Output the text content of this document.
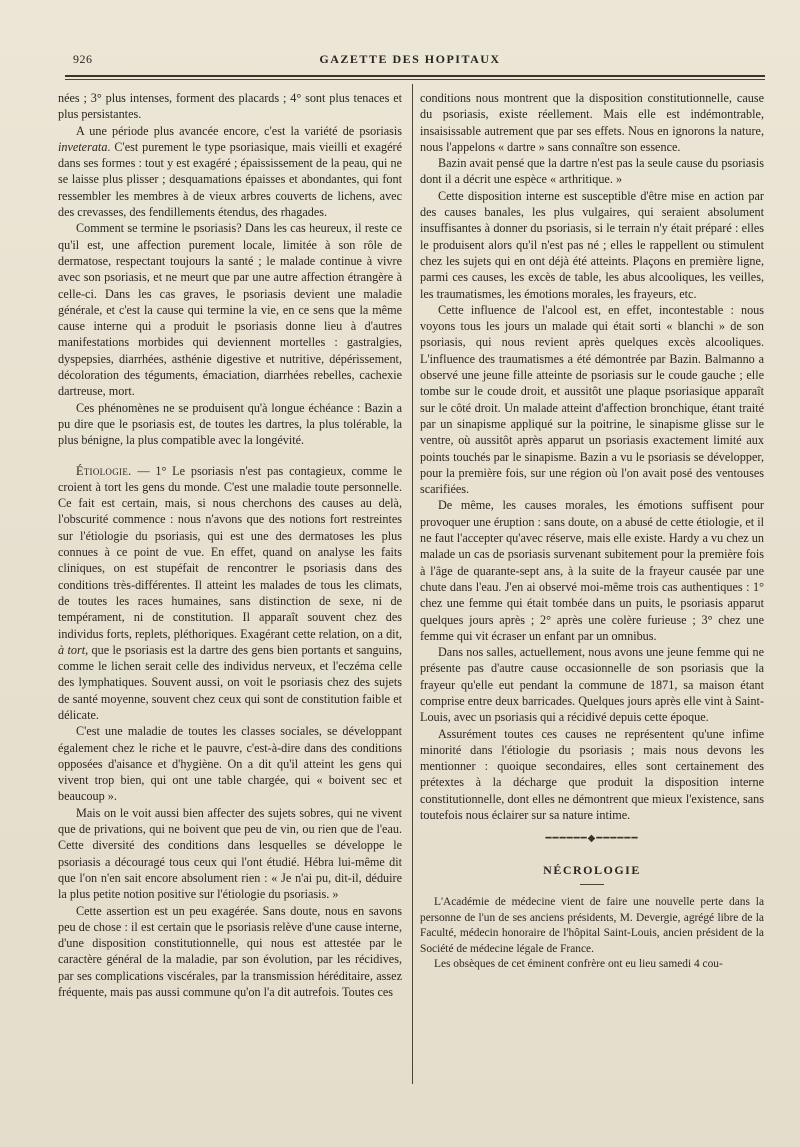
926	GAZETTE DES HOPITAUX

nées ; 3° plus intenses, forment des placards ; 4° sont plus tenaces et plus persistantes.

A une période plus avancée encore, c'est la variété de psoriasis inveterata. C'est purement le type psoriasique, mais vieilli et exagéré dans ses formes : tout y est exagéré ; épaississement de la peau, qui ne se laisse plus plisser ; desquamations épaisses et abondantes, qui font ressembler les membres à de vieux arbres couverts de lichens, avec des crevasses, des fendillements étendus, des rhagades.

Comment se termine le psoriasis? Dans les cas heureux, il reste ce qu'il est, une affection purement locale, limitée à son rôle de dermatose, respectant toujours la santé ; le malade continue à vivre avec son psoriasis, et ne meurt que par une autre affection étrangère à celle-ci. Dans les cas graves, le psoriasis devient une maladie générale, et c'est la cause qui termine la vie, en ce sens que la même cause interne qui a produit le psoriasis donne lieu à d'autres manifestations morbides qui deviennent mortelles : gastralgies, dyspepsies, diarrhées, asthénie digestive et nutritive, dépérissement, décoloration des téguments, émaciation, diarrhées rebelles, cachexie dartreuse, mort.

Ces phénomènes ne se produisent qu'à longue échéance : Bazin a pu dire que le psoriasis est, de toutes les dartres, la plus tolérable, la plus bénigne, la plus compatible avec la longévité.

Étiologie. — 1° Le psoriasis n'est pas contagieux, comme le croient à tort les gens du monde. C'est une maladie toute personnelle. Ce fait est certain, mais, si nous cherchons des causes au delà, l'obscurité commence : nous n'avons que des notions fort restreintes sur l'étiologie du psoriasis, qui est une des dermatoses les plus connues à ce point de vue. En effet, quand on analyse les faits cliniques, on est stupéfait de rencontrer le psoriasis dans des conditions très-différentes. Il atteint les malades de tous les climats, de toutes les races humaines, sans distinction de sexe, ni de tempérament, ni de constitution. Il apparaît souvent chez des individus forts, replets, pléthoriques. Exagérant cette relation, on a dit, à tort, que le psoriasis est la dartre des gens bien portants et sanguins, comme le lichen serait celle des individus nerveux, et l'eczéma celle des lymphatiques. Souvent aussi, on voit le psoriasis chez des sujets de santé moyenne, souvent chez ceux qui sont de constitution faible et délicate.

C'est une maladie de toutes les classes sociales, se développant également chez le riche et le pauvre, c'est-à-dire dans des conditions opposées d'aisance et d'hygiène. On a dit qu'il atteint les gens qui vivent trop bien, qui ont une table chargée, qui « boivent sec et beaucoup ».

Mais on le voit aussi bien affecter des sujets sobres, qui ne vivent que de privations, qui ne boivent que peu de vin, ou rien que de l'eau. Cette diversité des conditions dans lesquelles se développe le psoriasis a découragé tous ceux qui l'ont étudié. Hébra lui-même dit que l'on n'en sait encore absolument rien : « Je n'ai pu, dit-il, déduire la plus petite notion positive sur l'étiologie du psoriasis. »

Cette assertion est un peu exagérée. Sans doute, nous en savons peu de chose : il est certain que le psoriasis relève d'une cause interne, d'une disposition constitutionnelle, qui nous est attestée par le caractère général de la maladie, par son évolution, par les récidives, par ses complications viscérales, par la transmission héréditaire, assez fréquente, mais pas aussi commune qu'on l'a dit autrefois. Toutes ces

conditions nous montrent que la disposition constitutionnelle, cause du psoriasis, existe réellement. Mais elle est indémontrable, insaisissable autrement que par ses effets. Nous en ignorons la nature, nous l'appelons « dartre » sans connaître son essence.

Bazin avait pensé que la dartre n'est pas la seule cause du psoriasis dont il a décrit une espèce « arthritique. »

Cette disposition interne est susceptible d'être mise en action par des causes banales, les plus vulgaires, qui seraient absolument insuffisantes à donner du psoriasis, si le terrain n'y était préparé : elles le produisent alors qu'il n'est pas né ; elles le rappellent ou stimulent chez les sujets qui en ont déjà été atteints. Plaçons en première ligne, parmi ces causes, les excès de table, les abus alcooliques, les veilles, les traumatismes, les émotions morales, les frayeurs, etc.

Cette influence de l'alcool est, en effet, incontestable : nous voyons tous les jours un malade qui était sorti « blanchi » de son psoriasis, qui nous revient après quelques excès alcooliques. L'influence des traumatismes a été démontrée par Bazin. Balmanno a observé une jeune fille atteinte de psoriasis sur le coude gauche ; elle tombe sur le coude droit, et aussitôt une plaque psoriasique apparaît sur le côté droit. Un malade atteint d'affection bronchique, étant traité par un sinapisme appliqué sur la poitrine, le sinapisme glisse sur le ventre, où aussitôt après apparut un psoriasis exactement limité aux points touchés par le sinapisme. Bazin a vu le psoriasis se développer, pour la première fois, sur une région où l'on avait posé des ventouses scarifiées.

De même, les causes morales, les émotions suffisent pour provoquer une éruption : sans doute, on a abusé de cette étiologie, et il ne faut l'accepter qu'avec réserve, mais elle existe. Hardy a vu chez un malade un cas de psoriasis survenant subitement pour la première fois à l'âge de quarante-sept ans, à la suite de la frayeur causée par une chute dans l'eau. J'en ai observé moi-même trois cas authentiques : 1° chez une femme qui était tombée dans un puits, le psoriasis apparut quelques jours après ; 2° après une colère furieuse ; 3° chez une femme qui vit écraser un enfant par un omnibus.

Dans nos salles, actuellement, nous avons une jeune femme qui ne présente pas d'autre cause occasionnelle de son psoriasis que la frayeur qu'elle eut pendant la commune de 1871, sa maison étant comprise entre deux barricades. Quelques jours après elle vint à Saint-Louis, avec un psoriasis qui a récidivé depuis cette époque.

Assurément toutes ces causes ne représentent qu'une infime minorité dans l'étiologie du psoriasis ; mais nous devons les mentionner : quoique secondaires, elles sont certainement des prétextes à la décharge que produit la disposition interne constitutionnelle, dont elles ne démontrent que mieux l'existence, sans toutefois nous éclairer sur sa nature intime.

━━━━━━◆━━━━━━
NÉCROLOGIE

L'Académie de médecine vient de faire une nouvelle perte dans la personne de l'un de ses anciens présidents, M. Devergie, agrégé libre de la Faculté, médecin honoraire de l'hôpital Saint-Louis, ancien président de la Société de médecine légale de France.

Les obsèques de cet éminent confrère ont eu lieu samedi 4 cou-
